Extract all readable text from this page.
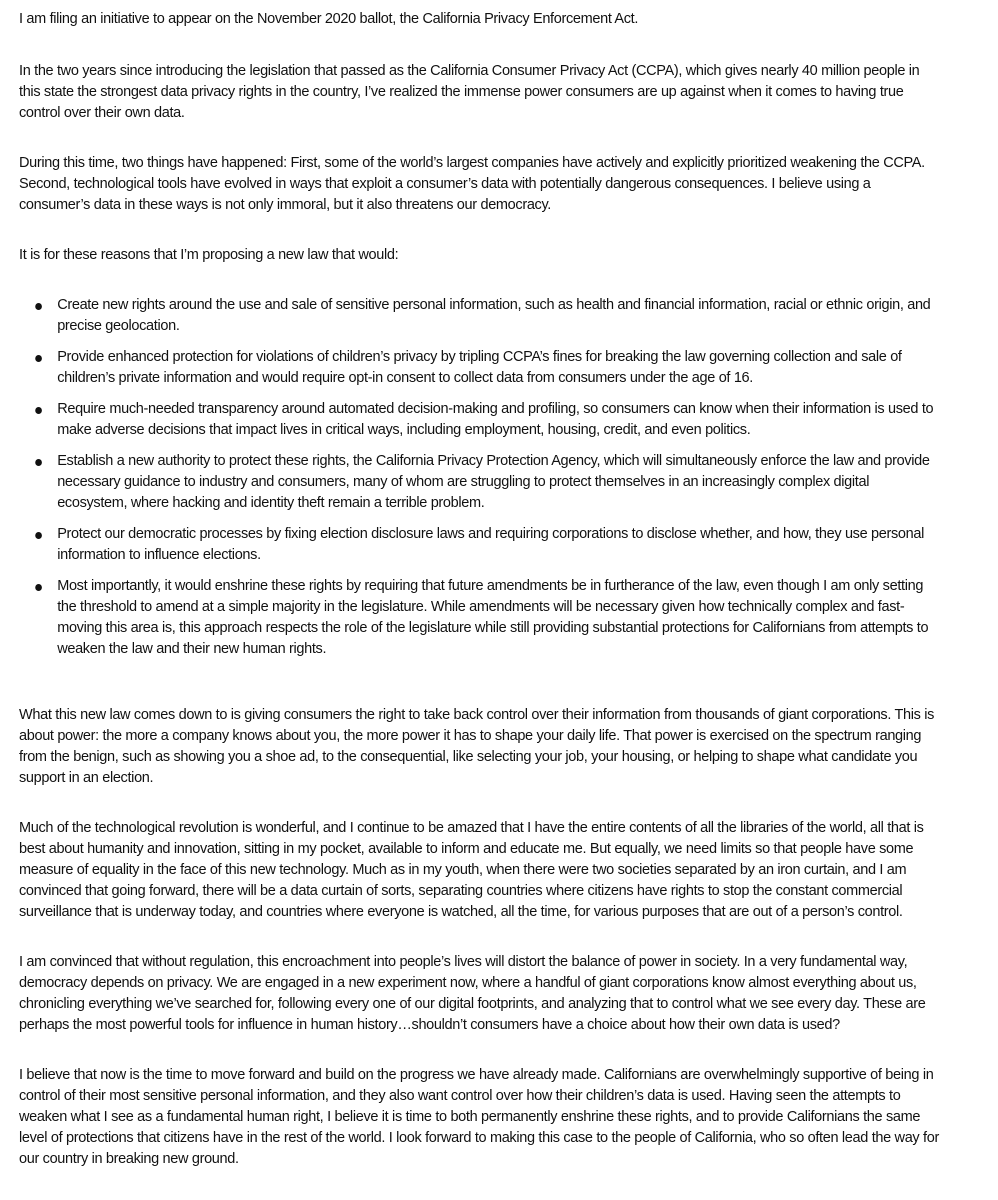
I am filing an initiative to appear on the November 2020 ballot, the California Privacy Enforcement Act.

In the two years since introducing the legislation that passed as the California Consumer Privacy Act (CCPA), which gives nearly 40 million people in this state the strongest data privacy rights in the country, I’ve realized the immense power consumers are up against when it comes to having true control over their own data.

During this time, two things have happened: First, some of the world’s largest companies have actively and explicitly prioritized weakening the CCPA. Second, technological tools have evolved in ways that exploit a consumer’s data with potentially dangerous consequences. I believe using a consumer’s data in these ways is not only immoral, but it also threatens our democracy.

It is for these reasons that I’m proposing a new law that would:

Create new rights around the use and sale of sensitive personal information, such as health and financial information, racial or ethnic origin, and precise geolocation.
Provide enhanced protection for violations of children’s privacy by tripling CCPA’s fines for breaking the law governing collection and sale of children’s private information and would require opt-in consent to collect data from consumers under the age of 16.
Require much-needed transparency around automated decision-making and profiling, so consumers can know when their information is used to make adverse decisions that impact lives in critical ways, including employment, housing, credit, and even politics.
Establish a new authority to protect these rights, the California Privacy Protection Agency, which will simultaneously enforce the law and provide necessary guidance to industry and consumers, many of whom are struggling to protect themselves in an increasingly complex digital ecosystem, where hacking and identity theft remain a terrible problem.
Protect our democratic processes by fixing election disclosure laws and requiring corporations to disclose whether, and how, they use personal information to influence elections.
Most importantly, it would enshrine these rights by requiring that future amendments be in furtherance of the law, even though I am only setting the threshold to amend at a simple majority in the legislature. While amendments will be necessary given how technically complex and fast-moving this area is, this approach respects the role of the legislature while still providing substantial protections for Californians from attempts to weaken the law and their new human rights.

What this new law comes down to is giving consumers the right to take back control over their information from thousands of giant corporations. This is about power: the more a company knows about you, the more power it has to shape your daily life. That power is exercised on the spectrum ranging from the benign, such as showing you a shoe ad, to the consequential, like selecting your job, your housing, or helping to shape what candidate you support in an election.

Much of the technological revolution is wonderful, and I continue to be amazed that I have the entire contents of all the libraries of the world, all that is best about humanity and innovation, sitting in my pocket, available to inform and educate me. But equally, we need limits so that people have some measure of equality in the face of this new technology. Much as in my youth, when there were two societies separated by an iron curtain, and I am convinced that going forward, there will be a data curtain of sorts, separating countries where citizens have rights to stop the constant commercial surveillance that is underway today, and countries where everyone is watched, all the time, for various purposes that are out of a person’s control.

I am convinced that without regulation, this encroachment into people’s lives will distort the balance of power in society. In a very fundamental way, democracy depends on privacy. We are engaged in a new experiment now, where a handful of giant corporations know almost everything about us, chronicling everything we’ve searched for, following every one of our digital footprints, and analyzing that to control what we see every day. These are perhaps the most powerful tools for influence in human history…shouldn’t consumers have a choice about how their own data is used?

I believe that now is the time to move forward and build on the progress we have already made. Californians are overwhelmingly supportive of being in control of their most sensitive personal information, and they also want control over how their children’s data is used. Having seen the attempts to weaken what I see as a fundamental human right, I believe it is time to both permanently enshrine these rights, and to provide Californians the same level of protections that citizens have in the rest of the world. I look forward to making this case to the people of California, who so often lead the way for our country in breaking new ground.
